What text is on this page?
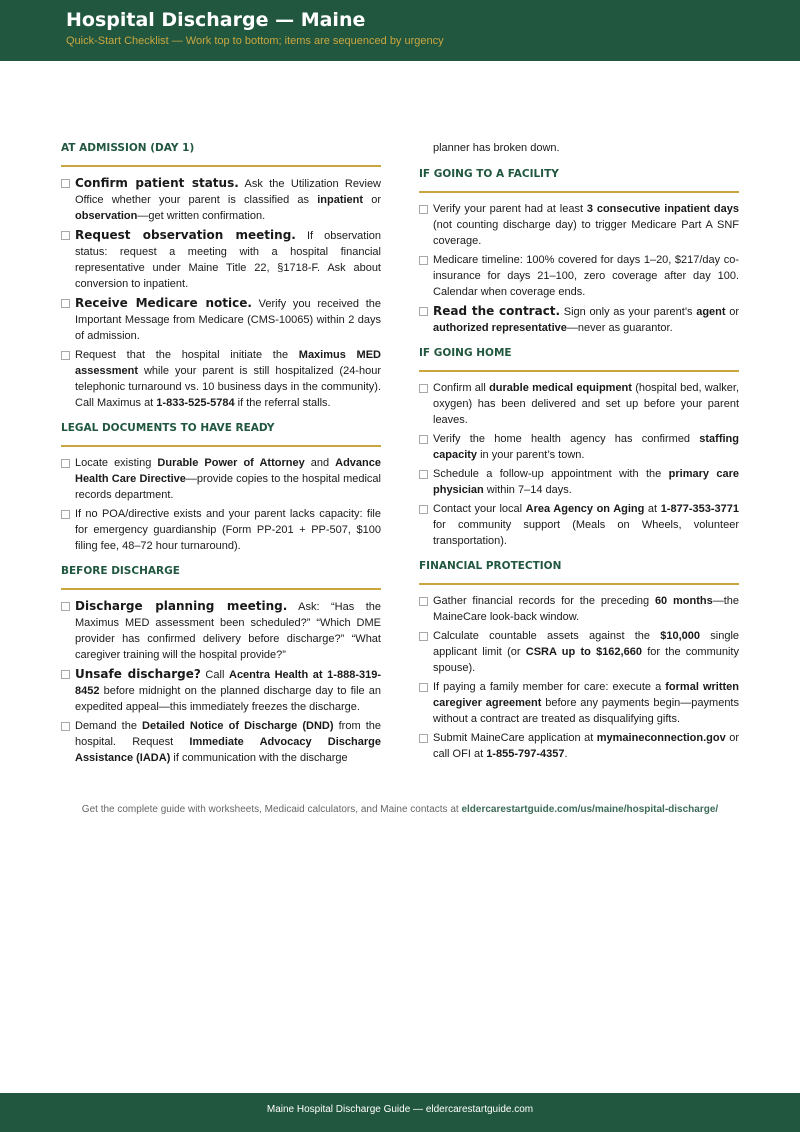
Hospital Discharge — Maine
Quick-Start Checklist — Work top to bottom; items are sequenced by urgency
AT ADMISSION (DAY 1)
Confirm patient status. Ask the Utilization Review Office whether your parent is classified as inpatient or observation—get written confirmation.
Request observation meeting. If observation status: request a meeting with a hospital financial representative under Maine Title 22, §1718-F. Ask about conversion to inpatient.
Receive Medicare notice. Verify you received the Important Message from Medicare (CMS-10065) within 2 days of admission.
Request that the hospital initiate the Maximus MED assessment while your parent is still hospitalized (24-hour telephonic turnaround vs. 10 business days in the community). Call Maximus at 1-833-525-5784 if the referral stalls.
LEGAL DOCUMENTS TO HAVE READY
Locate existing Durable Power of Attorney and Advance Health Care Directive—provide copies to the hospital medical records department.
If no POA/directive exists and your parent lacks capacity: file for emergency guardianship (Form PP-201 + PP-507, $100 filing fee, 48–72 hour turnaround).
BEFORE DISCHARGE
Discharge planning meeting. Ask: “Has the Maximus MED assessment been scheduled?” “Which DME provider has confirmed delivery before discharge?” “What caregiver training will the hospital provide?”
Unsafe discharge? Call Acentra Health at 1-888-319-8452 before midnight on the planned discharge day to file an expedited appeal—this immediately freezes the discharge.
Demand the Detailed Notice of Discharge (DND) from the hospital. Request Immediate Advocacy Discharge Assistance (IADA) if communication with the discharge
planner has broken down.
IF GOING TO A FACILITY
Verify your parent had at least 3 consecutive inpatient days (not counting discharge day) to trigger Medicare Part A SNF coverage.
Medicare timeline: 100% covered for days 1–20, $217/day co-insurance for days 21–100, zero coverage after day 100. Calendar when coverage ends.
Read the contract. Sign only as your parent’s agent or authorized representative—never as guarantor.
IF GOING HOME
Confirm all durable medical equipment (hospital bed, walker, oxygen) has been delivered and set up before your parent leaves.
Verify the home health agency has confirmed staffing capacity in your parent’s town.
Schedule a follow-up appointment with the primary care physician within 7–14 days.
Contact your local Area Agency on Aging at 1-877-353-3771 for community support (Meals on Wheels, volunteer transportation).
FINANCIAL PROTECTION
Gather financial records for the preceding 60 months—the MaineCare look-back window.
Calculate countable assets against the $10,000 single applicant limit (or CSRA up to $162,660 for the community spouse).
If paying a family member for care: execute a formal written caregiver agreement before any payments begin—payments without a contract are treated as disqualifying gifts.
Submit MaineCare application at mymaineconnection.gov or call OFI at 1-855-797-4357.
Get the complete guide with worksheets, Medicaid calculators, and Maine contacts at eldercarestartguide.com/us/maine/hospital-discharge/
Maine Hospital Discharge Guide — eldercarestartguide.com
